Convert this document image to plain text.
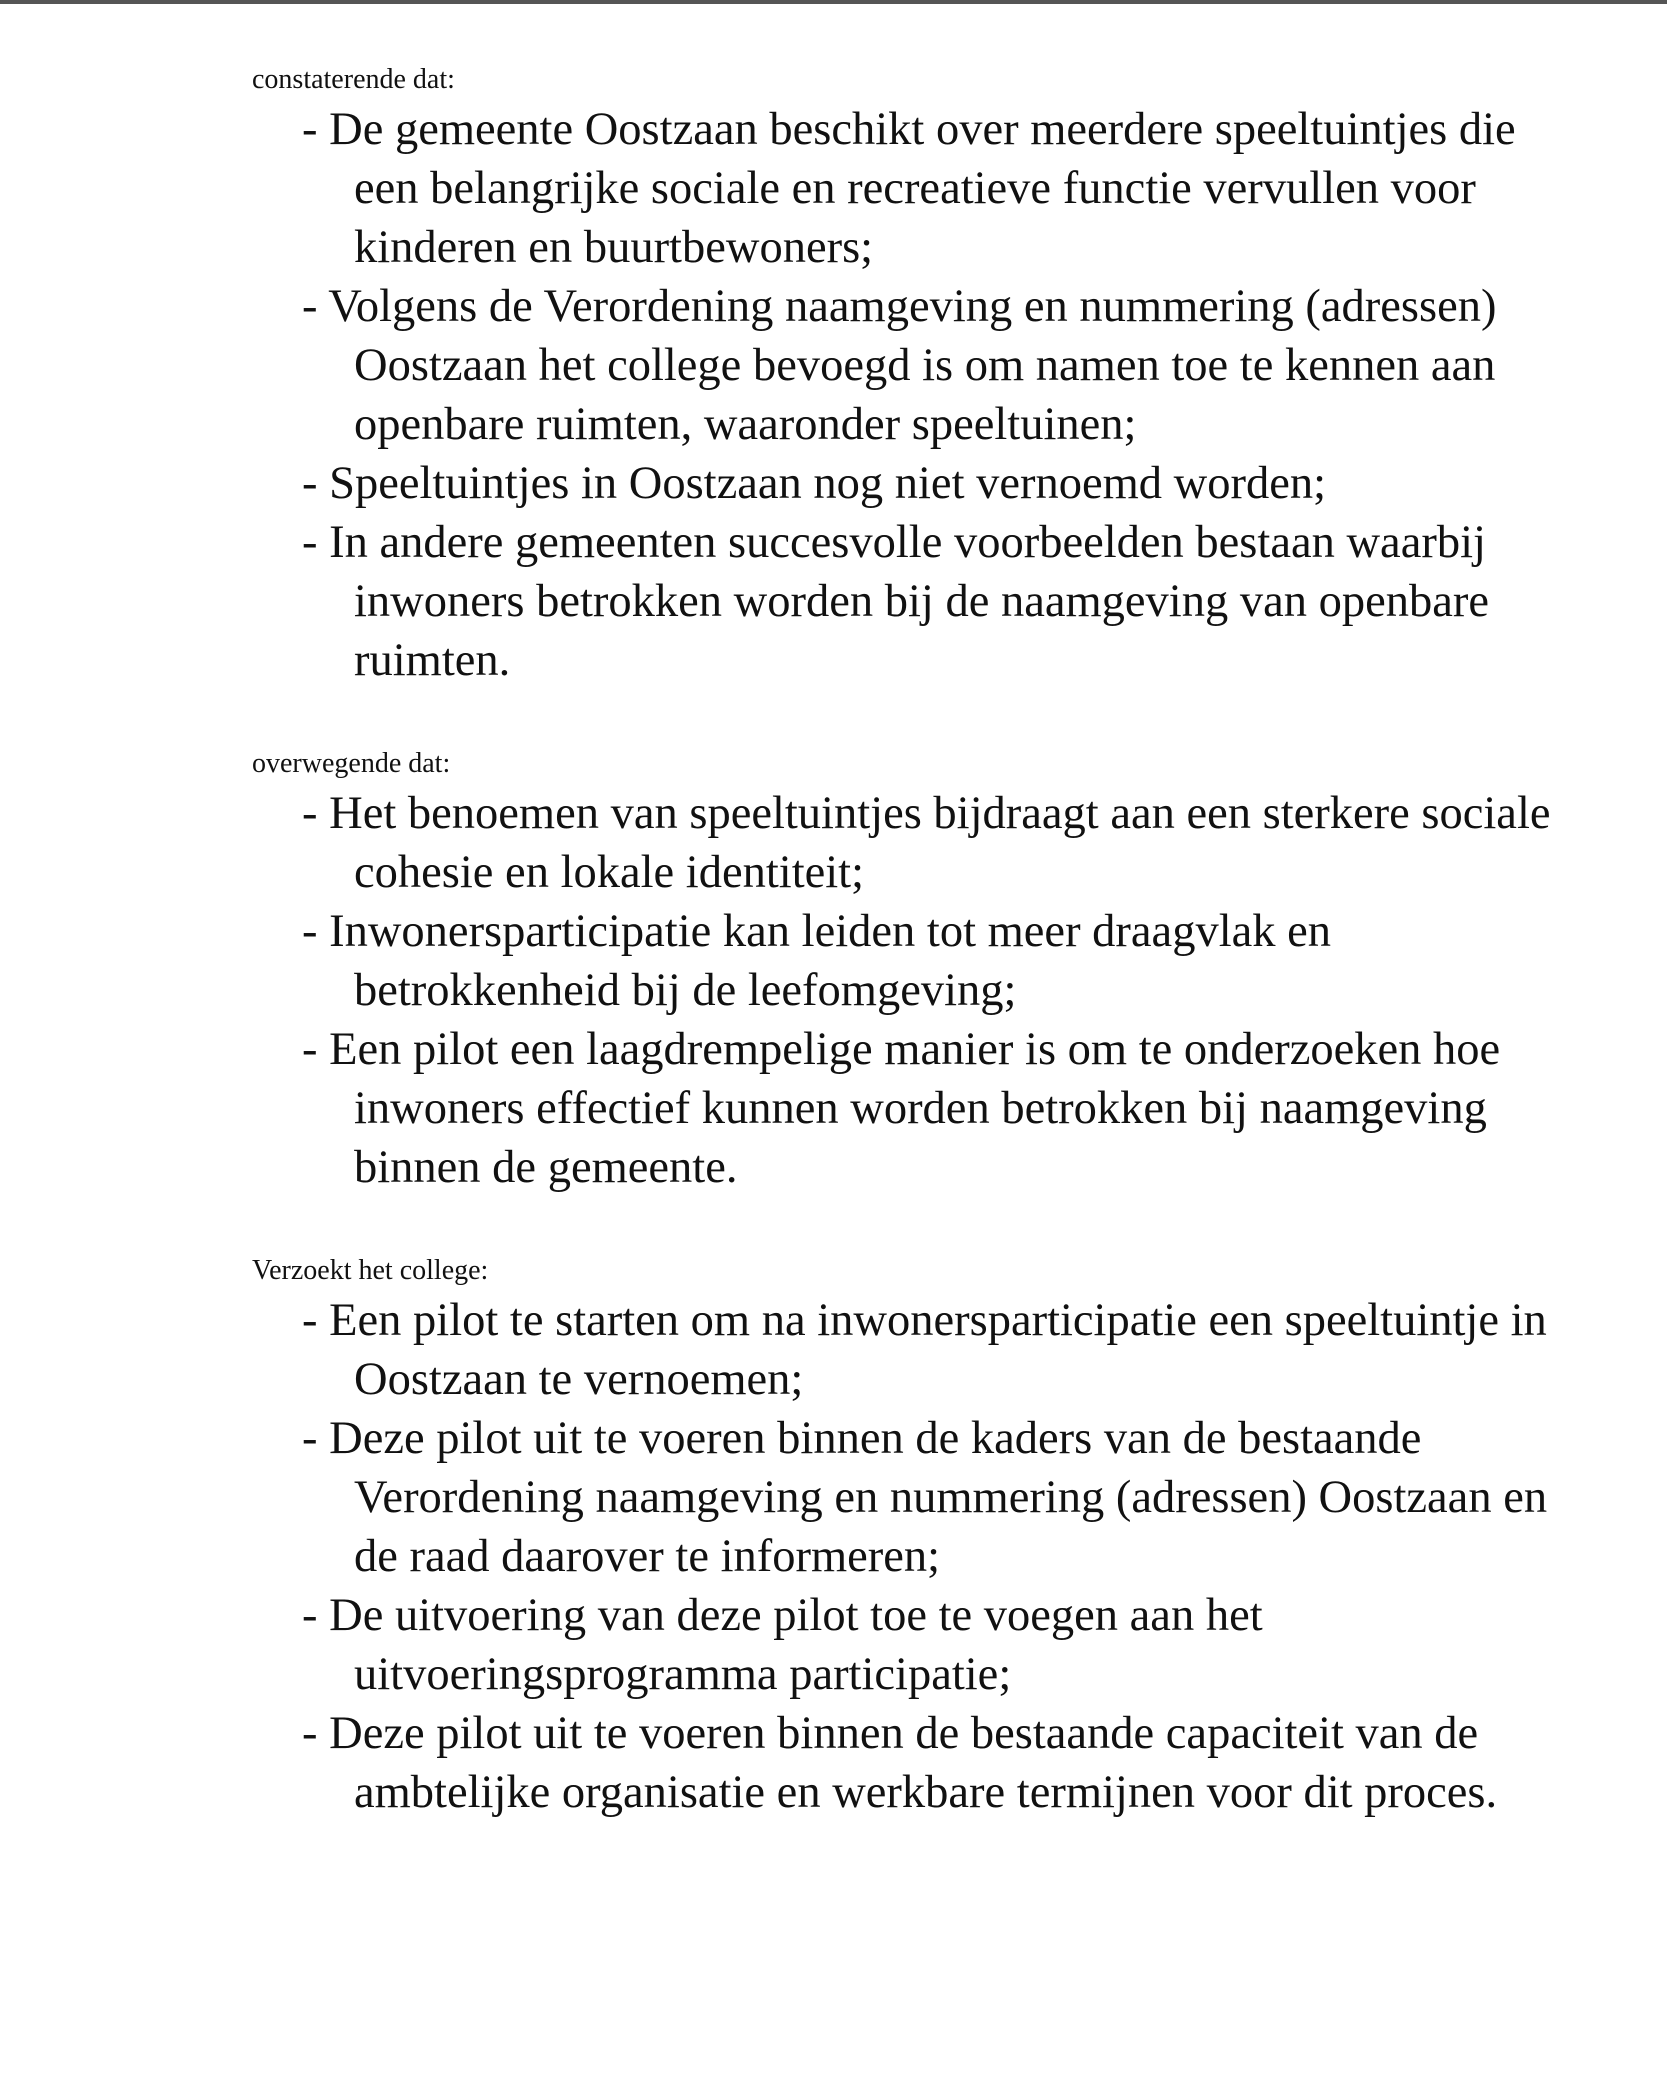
constaterende dat:

- De gemeente Oostzaan beschikt over meerdere speeltuintjes die een belangrijke sociale en recreatieve functie vervullen voor kinderen en buurtbewoners;
- Volgens de Verordening naamgeving en nummering (adressen) Oostzaan het college bevoegd is om namen toe te kennen aan openbare ruimten, waaronder speeltuinen;
- Speeltuintjes in Oostzaan nog niet vernoemd worden;
- In andere gemeenten succesvolle voorbeelden bestaan waarbij inwoners betrokken worden bij de naamgeving van openbare ruimten.

overwegende dat:

- Het benoemen van speeltuintjes bijdraagt aan een sterkere sociale cohesie en lokale identiteit;
- Inwonersparticipatie kan leiden tot meer draagvlak en betrokkenheid bij de leefomgeving;
- Een pilot een laagdrempelige manier is om te onderzoeken hoe inwoners effectief kunnen worden betrokken bij naamgeving binnen de gemeente.

Verzoekt het college:

- Een pilot te starten om na inwonersparticipatie een speeltuintje in Oostzaan te vernoemen;
- Deze pilot uit te voeren binnen de kaders van de bestaande Verordening naamgeving en nummering (adressen) Oostzaan en de raad daarover te informeren;
- De uitvoering van deze pilot toe te voegen aan het uitvoeringsprogramma participatie;
- Deze pilot uit te voeren binnen de bestaande capaciteit van de ambtelijke organisatie en werkbare termijnen voor dit proces.
